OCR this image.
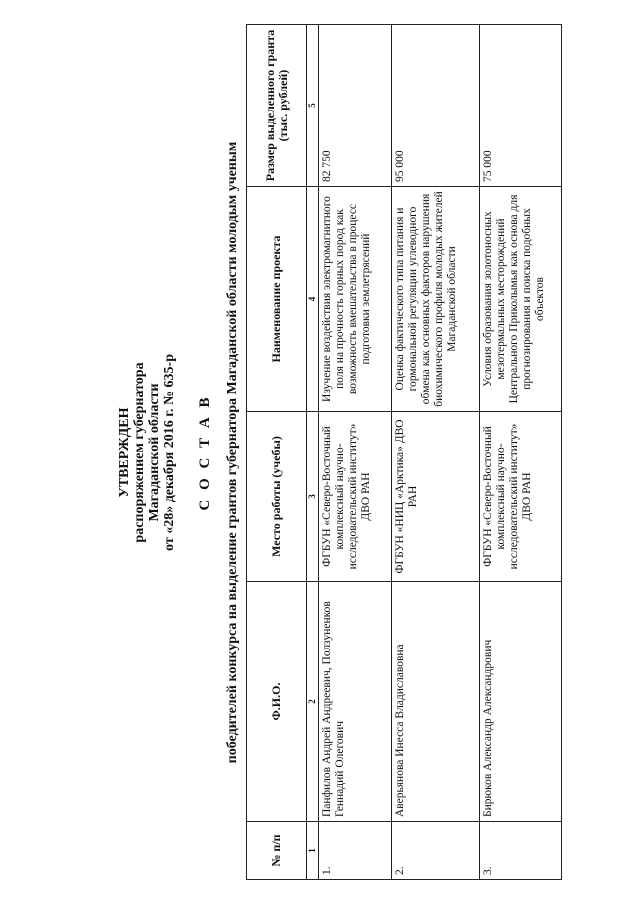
УТВЕРЖДЕН распоряжением губернатора Магаданской области от «28» декабря 2016 г. № 635-р С О С Т А В победителей конкурса на выделение грантов губернатора Магаданской области молодым ученым
№ п/п	Ф.И.О.	Место работы (учебы)	Наименование проекта	Размер выделенного гранта (тыс. рублей)
1	2	3	4	5
1.	Панфилов Андрей Андреевич, Ползуненков Геннадий Олегович	ФГБУН «Северо-Восточный комплексный научно-исследовательский институт» ДВО РАН	Изучение воздействия электромагнитного поля на прочность горных пород как возможность вмешательства в процесс подготовки землетрясений	82 750
2.	Аверьянова Инесса Владиславовна	ФГБУН «НИЦ «Арктика» ДВО РАН	Оценка фактического типа питания и гормональной регуляции углеводного обмена как основных факторов нарушения биохимического профиля молодых жителей Магаданской области	95 000
3.	Бирюков Александр Александрович	ФГБУН «Северо-Восточный комплексный научно-исследовательский институт» ДВО РАН	Условия образования золотоносных мезотермальных месторождений Центрального Приколымья как основа для прогнозирования и поиска подобных объектов	75 000
